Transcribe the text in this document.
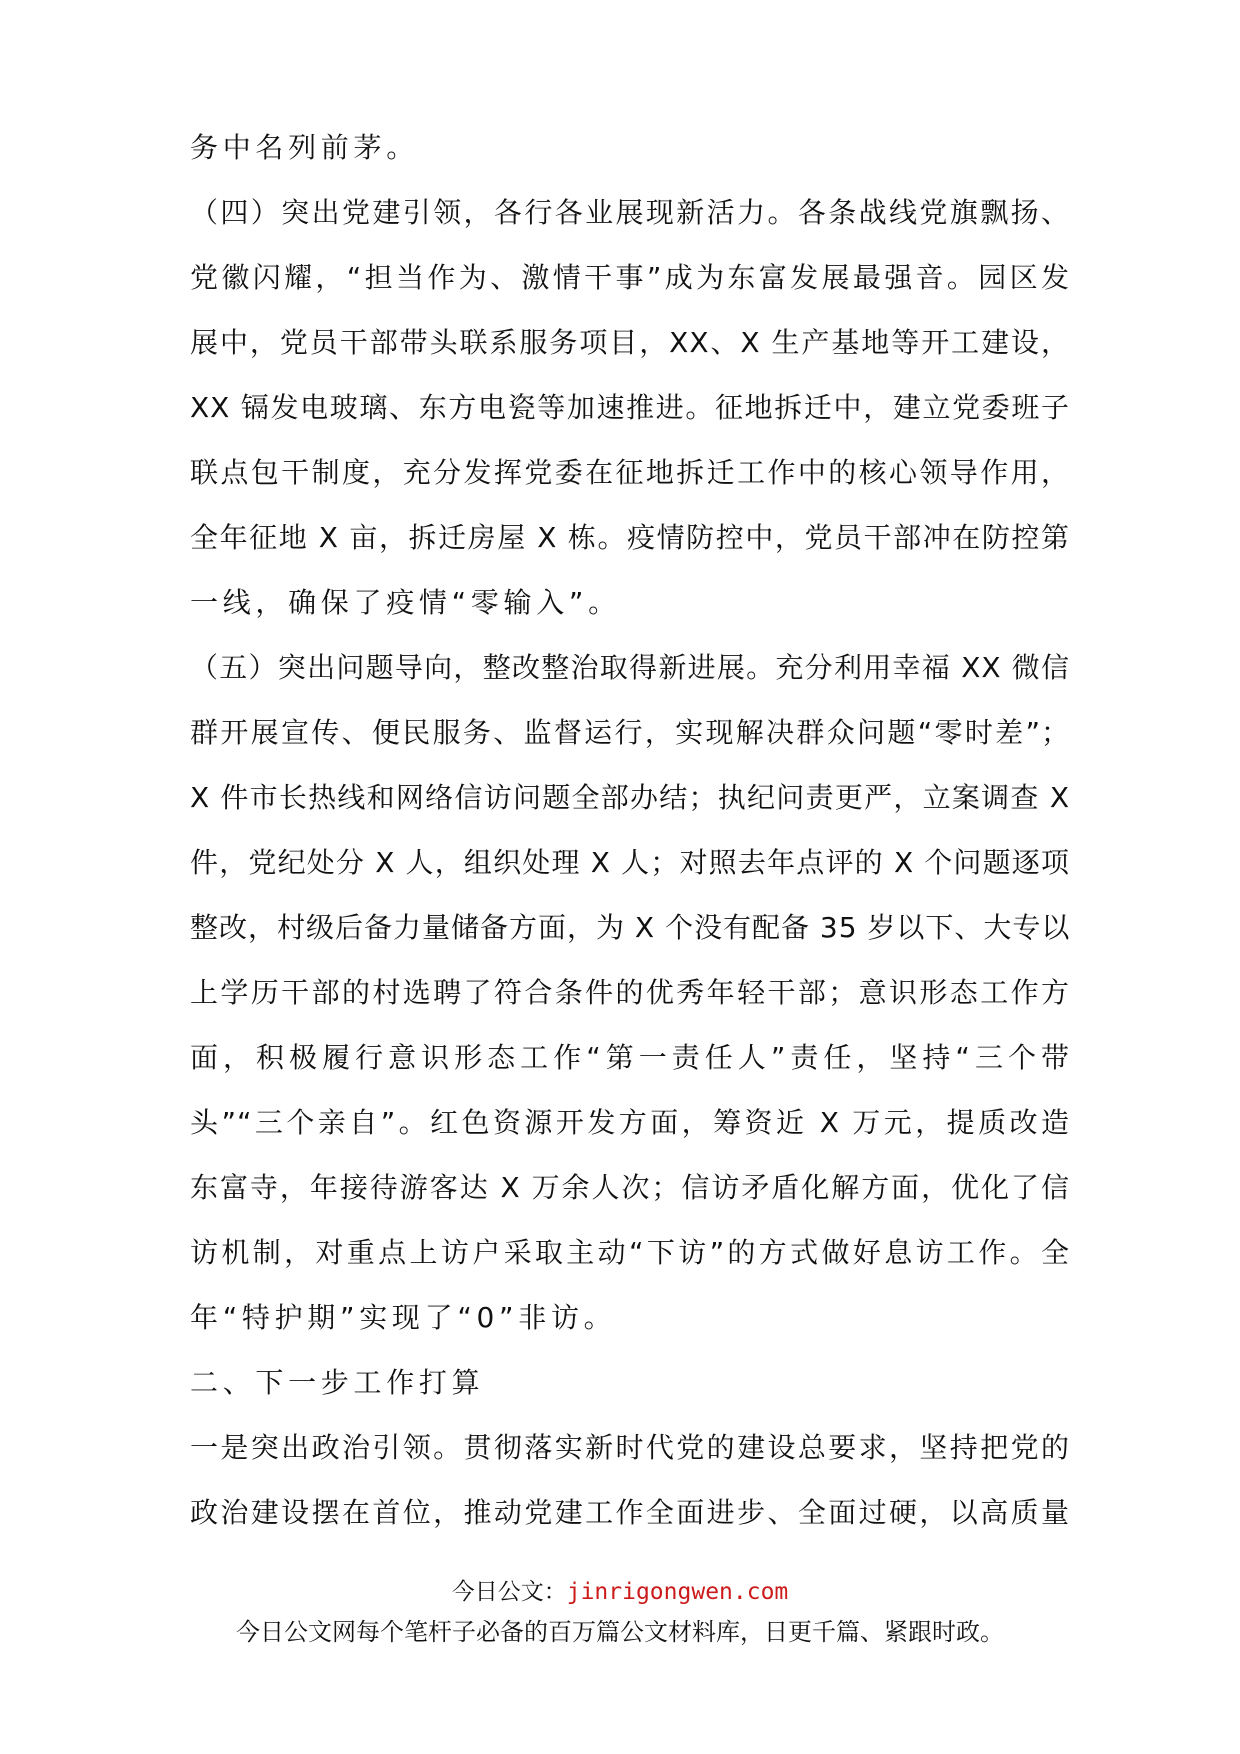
务中名列前茅。
（四）突出党建引领，各行各业展现新活力。各条战线党旗飘扬、
党徽闪耀，“担当作为、激情干事”成为东富发展最强音。园区发
展中，党员干部带头联系服务项目，XX、X 生产基地等开工建设，
XX 镉发电玻璃、东方电瓷等加速推进。征地拆迁中，建立党委班子
联点包干制度，充分发挥党委在征地拆迁工作中的核心领导作用，
全年征地 X 亩，拆迁房屋 X 栋。疫情防控中，党员干部冲在防控第
一线，确保了疫情“零输入”。
（五）突出问题导向，整改整治取得新进展。充分利用幸福 XX 微信
群开展宣传、便民服务、监督运行，实现解决群众问题“零时差”；
X 件市长热线和网络信访问题全部办结；执纪问责更严，立案调查 X
件，党纪处分 X 人，组织处理 X 人；对照去年点评的 X 个问题逐项
整改，村级后备力量储备方面，为 X 个没有配备 35 岁以下、大专以
上学历干部的村选聘了符合条件的优秀年轻干部；意识形态工作方
面，积极履行意识形态工作“第一责任人”责任，坚持“三个带
头”“三个亲自”。红色资源开发方面，筹资近 X 万元，提质改造
东富寺，年接待游客达 X 万余人次；信访矛盾化解方面，优化了信
访机制，对重点上访户采取主动“下访”的方式做好息访工作。全
年“特护期”实现了“0”非访。
二、下一步工作打算
一是突出政治引领。贯彻落实新时代党的建设总要求，坚持把党的
政治建设摆在首位，推动党建工作全面进步、全面过硬，以高质量
今日公文：jinrigongwen.com
今日公文网每个笔杆子必备的百万篇公文材料库，日更千篇、紧跟时政。
